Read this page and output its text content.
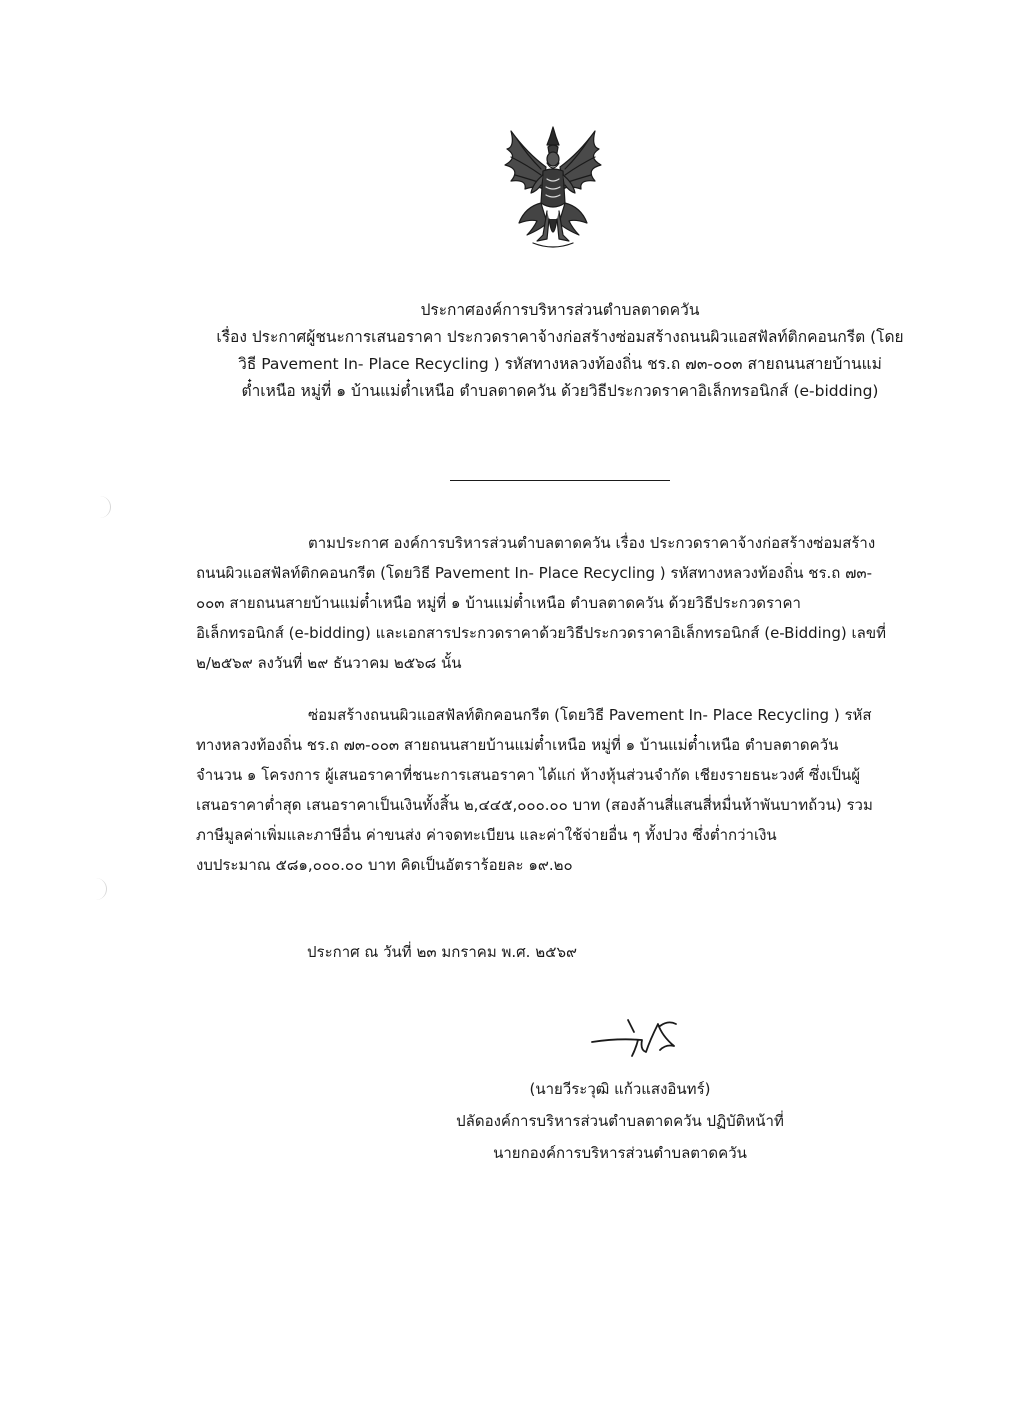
ประกาศองค์การบริหารส่วนตำบลตาดควัน
เรื่อง ประกาศผู้ชนะการเสนอราคา ประกวดราคาจ้างก่อสร้างซ่อมสร้างถนนผิวแอสฟัลท์ติกคอนกรีต (โดย
วิธี Pavement In- Place Recycling ) รหัสทางหลวงท้องถิ่น ชร.ถ ๗๓-๐๐๓ สายถนนสายบ้านแม่
ต๋ำเหนือ หมู่ที่ ๑ บ้านแม่ต๋ำเหนือ ตำบลตาดควัน ด้วยวิธีประกวดราคาอิเล็กทรอนิกส์ (e-bidding)
ตามประกาศ องค์การบริหารส่วนตำบลตาดควัน เรื่อง ประกวดราคาจ้างก่อสร้างซ่อมสร้าง
ถนนผิวแอสฟัลท์ติกคอนกรีต (โดยวิธี Pavement In- Place Recycling ) รหัสทางหลวงท้องถิ่น ชร.ถ ๗๓-
๐๐๓ สายถนนสายบ้านแม่ต๋ำเหนือ หมู่ที่ ๑ บ้านแม่ต๋ำเหนือ ตำบลตาดควัน ด้วยวิธีประกวดราคา
อิเล็กทรอนิกส์ (e-bidding) และเอกสารประกวดราคาด้วยวิธีประกวดราคาอิเล็กทรอนิกส์ (e-Bidding) เลขที่
๒/๒๕๖๙ ลงวันที่ ๒๙ ธันวาคม ๒๕๖๘ นั้น
ซ่อมสร้างถนนผิวแอสฟัลท์ติกคอนกรีต (โดยวิธี Pavement In- Place Recycling ) รหัส
ทางหลวงท้องถิ่น ชร.ถ ๗๓-๐๐๓ สายถนนสายบ้านแม่ต๋ำเหนือ หมู่ที่ ๑ บ้านแม่ต๋ำเหนือ ตำบลตาดควัน
จำนวน ๑ โครงการ ผู้เสนอราคาที่ชนะการเสนอราคา ได้แก่ ห้างหุ้นส่วนจำกัด เชียงรายธนะวงศ์ ซึ่งเป็นผู้
เสนอราคาต่ำสุด เสนอราคาเป็นเงินทั้งสิ้น ๒,๔๔๕,๐๐๐.๐๐ บาท (สองล้านสี่แสนสี่หมื่นห้าพันบาทถ้วน) รวม
ภาษีมูลค่าเพิ่มและภาษีอื่น ค่าขนส่ง ค่าจดทะเบียน และค่าใช้จ่ายอื่น ๆ ทั้งปวง ซึ่งต่ำกว่าเงิน
งบประมาณ ๕๘๑,๐๐๐.๐๐ บาท คิดเป็นอัตราร้อยละ ๑๙.๒๐
ประกาศ ณ วันที่ ๒๓ มกราคม พ.ศ. ๒๕๖๙
(นายวีระวุฒิ แก้วแสงอินทร์)
ปลัดองค์การบริหารส่วนตำบลตาดควัน ปฏิบัติหน้าที่
นายกองค์การบริหารส่วนตำบลตาดควัน
